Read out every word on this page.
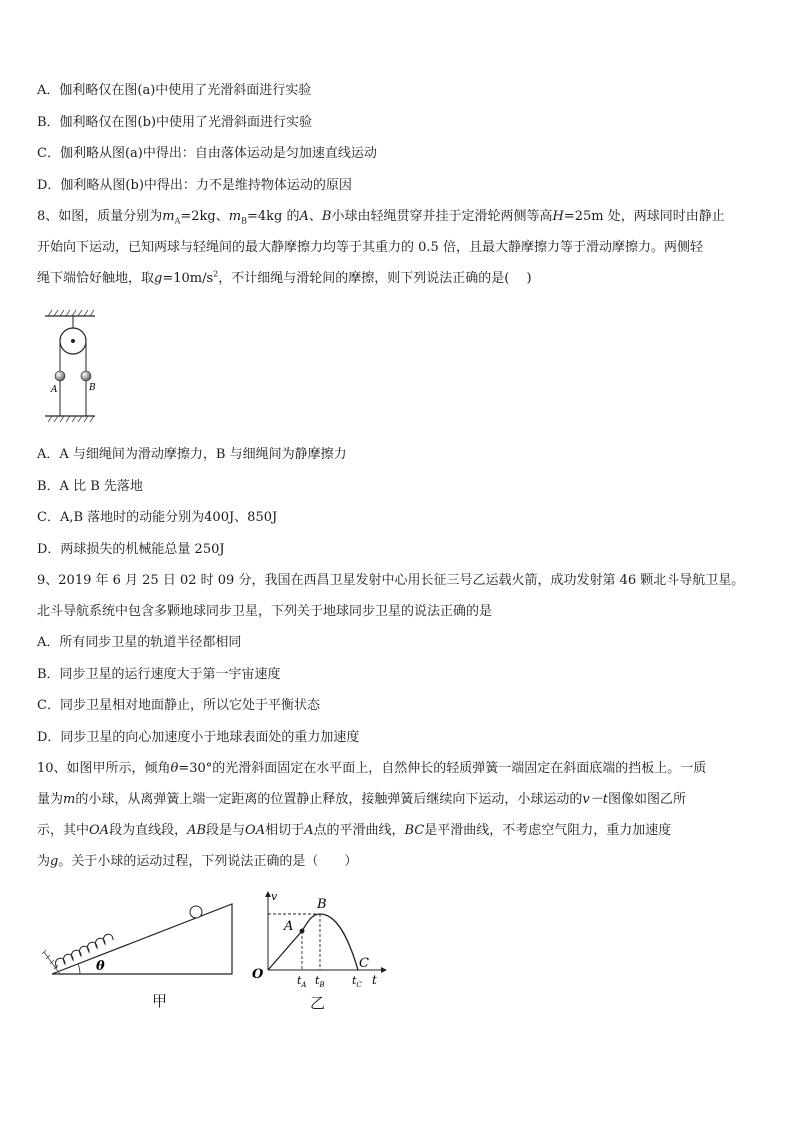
A．伽利略仅在图(a)中使用了光滑斜面进行实验
B．伽利略仅在图(b)中使用了光滑斜面进行实验
C．伽利略从图(a)中得出：自由落体运动是匀加速直线运动
D．伽利略从图(b)中得出：力不是维持物体运动的原因
8、如图，质量分别为$m_A=2kg$、$m_B=4kg$ 的A、B小球由轻绳贯穿并挂于定滑轮两侧等高H=25m 处，两球同时由静止
开始向下运动，已知两球与轻绳间的最大静摩擦力均等于其重力的 0.5 倍，且最大静摩擦力等于滑动摩擦力。两侧轻
绳下端恰好触地，取$g=10m/s^2$，不计细绳与滑轮间的摩擦，则下列说法正确的是(　 )
A	B
A．A 与细绳间为滑动摩擦力，B 与细绳间为静摩擦力
B．A 比 B 先落地
C．A,B 落地时的动能分别为400J、850J
D．两球损失的机械能总量 250J
9、2019 年 6 月 25 日 02 时 09 分，我国在西昌卫星发射中心用长征三号乙运载火箭，成功发射第 46 颗北斗导航卫星。
北斗导航系统中包含多颗地球同步卫星，下列关于地球同步卫星的说法正确的是
A．所有同步卫星的轨道半径都相同
B．同步卫星的运行速度大于第一宇宙速度
C．同步卫星相对地面静止，所以它处于平衡状态
D．同步卫星的向心加速度小于地球表面处的重力加速度
10、如图甲所示，倾角θ=30°的光滑斜面固定在水平面上，自然伸长的轻质弹簧一端固定在斜面底端的挡板上。一质
量为m的小球，从离弹簧上端一定距离的位置静止释放，接触弹簧后继续向下运动，小球运动的v－t图像如图乙所
示，其中OA段为直线段，AB段是与OA相切于A点的平滑曲线，BC是平滑曲线，不考虑空气阻力，重力加速度
为g。关于小球的运动过程，下列说法正确的是（　　）
θ
甲
v
t
O
A
B
C
$t_A$ $t_B$ $t_C$
乙
